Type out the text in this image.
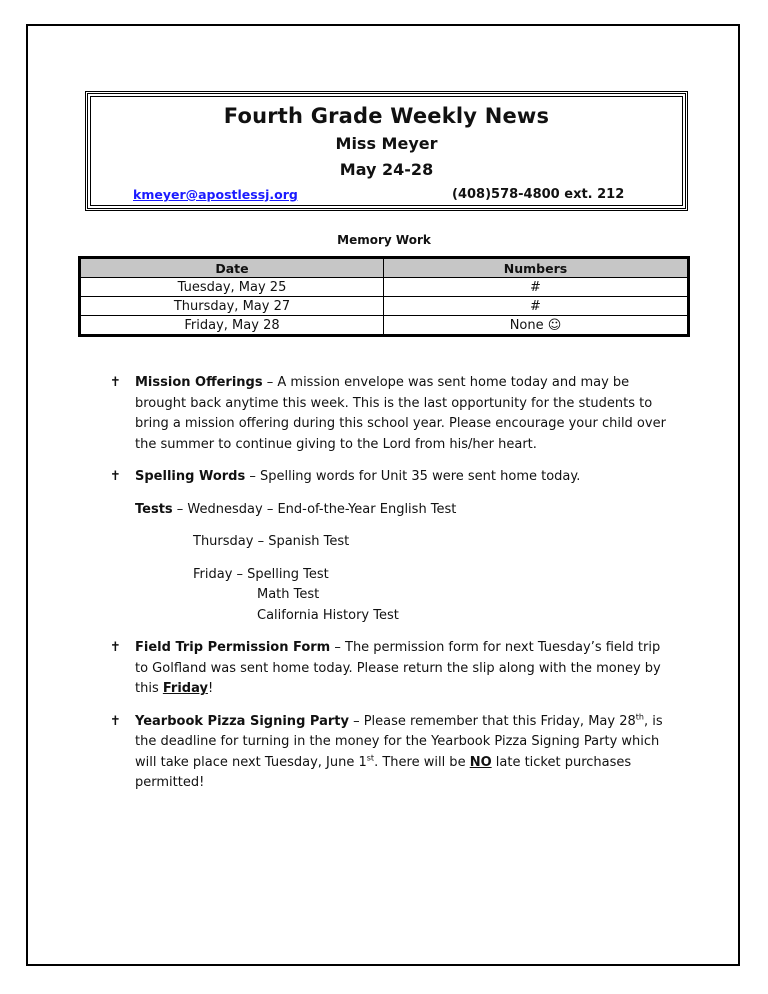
Fourth Grade Weekly News
Miss Meyer
May 24-28
kmeyer@apostlessj.org	(408)578-4800 ext. 212
Memory Work
Date	Numbers
Tuesday, May 25	#
Thursday, May 27	#
Friday, May 28	None ☺
✝ Mission Offerings – A mission envelope was sent home today and may be brought back anytime this week. This is the last opportunity for the students to bring a mission offering during this school year. Please encourage your child over the summer to continue giving to the Lord from his/her heart.
✝ Spelling Words – Spelling words for Unit 35 were sent home today.
Tests – Wednesday – End-of-the-Year English Test
Thursday – Spanish Test
Friday – Spelling Test
Math Test
California History Test
✝ Field Trip Permission Form – The permission form for next Tuesday’s field trip to Golfland was sent home today. Please return the slip along with the money by this Friday!
✝ Yearbook Pizza Signing Party – Please remember that this Friday, May 28th, is the deadline for turning in the money for the Yearbook Pizza Signing Party which will take place next Tuesday, June 1st. There will be NO late ticket purchases permitted!
